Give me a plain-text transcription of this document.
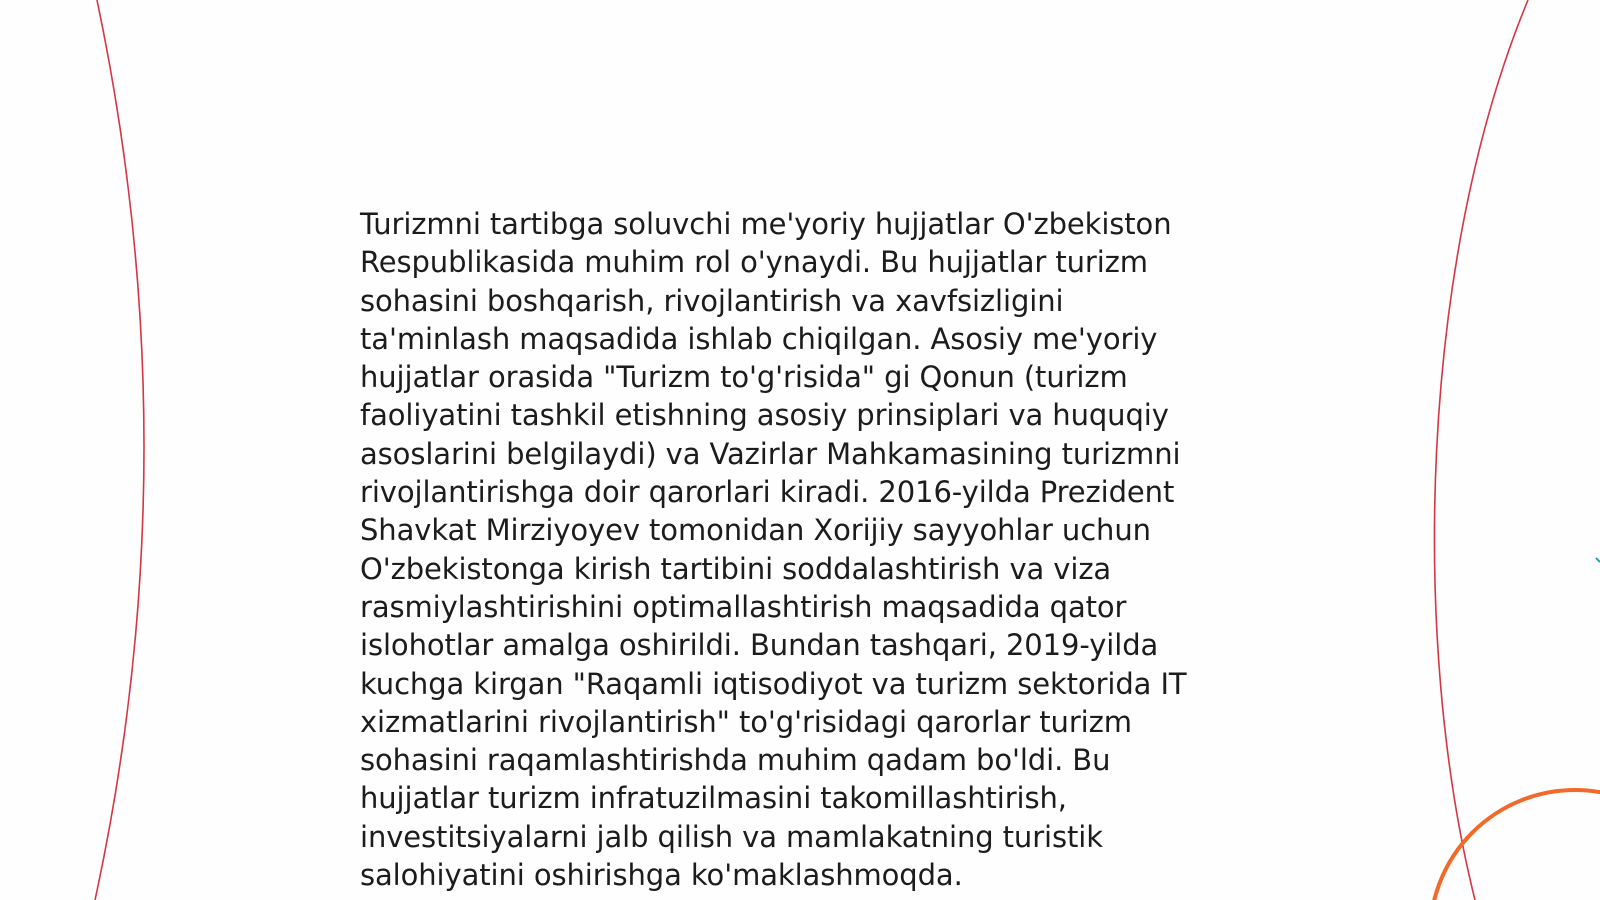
Turizmni tartibga soluvchi me'yoriy hujjatlar O'zbekiston
Respublikasida muhim rol o'ynaydi. Bu hujjatlar turizm
sohasini boshqarish, rivojlantirish va xavfsizligini
ta'minlash maqsadida ishlab chiqilgan. Asosiy me'yoriy
hujjatlar orasida "Turizm to'g'risida" gi Qonun (turizm
faoliyatini tashkil etishning asosiy prinsiplari va huquqiy
asoslarini belgilaydi) va Vazirlar Mahkamasining turizmni
rivojlantirishga doir qarorlari kiradi. 2016-yilda Prezident
Shavkat Mirziyoyev tomonidan Xorijiy sayyohlar uchun
O'zbekistonga kirish tartibini soddalashtirish va viza
rasmiylashtirishini optimallashtirish maqsadida qator
islohotlar amalga oshirildi. Bundan tashqari, 2019-yilda
kuchga kirgan "Raqamli iqtisodiyot va turizm sektorida IT
xizmatlarini rivojlantirish" to'g'risidagi qarorlar turizm
sohasini raqamlashtirishda muhim qadam bo'ldi. Bu
hujjatlar turizm infratuzilmasini takomillashtirish,
investitsiyalarni jalb qilish va mamlakatning turistik
salohiyatini oshirishga ko'maklashmoqda.
